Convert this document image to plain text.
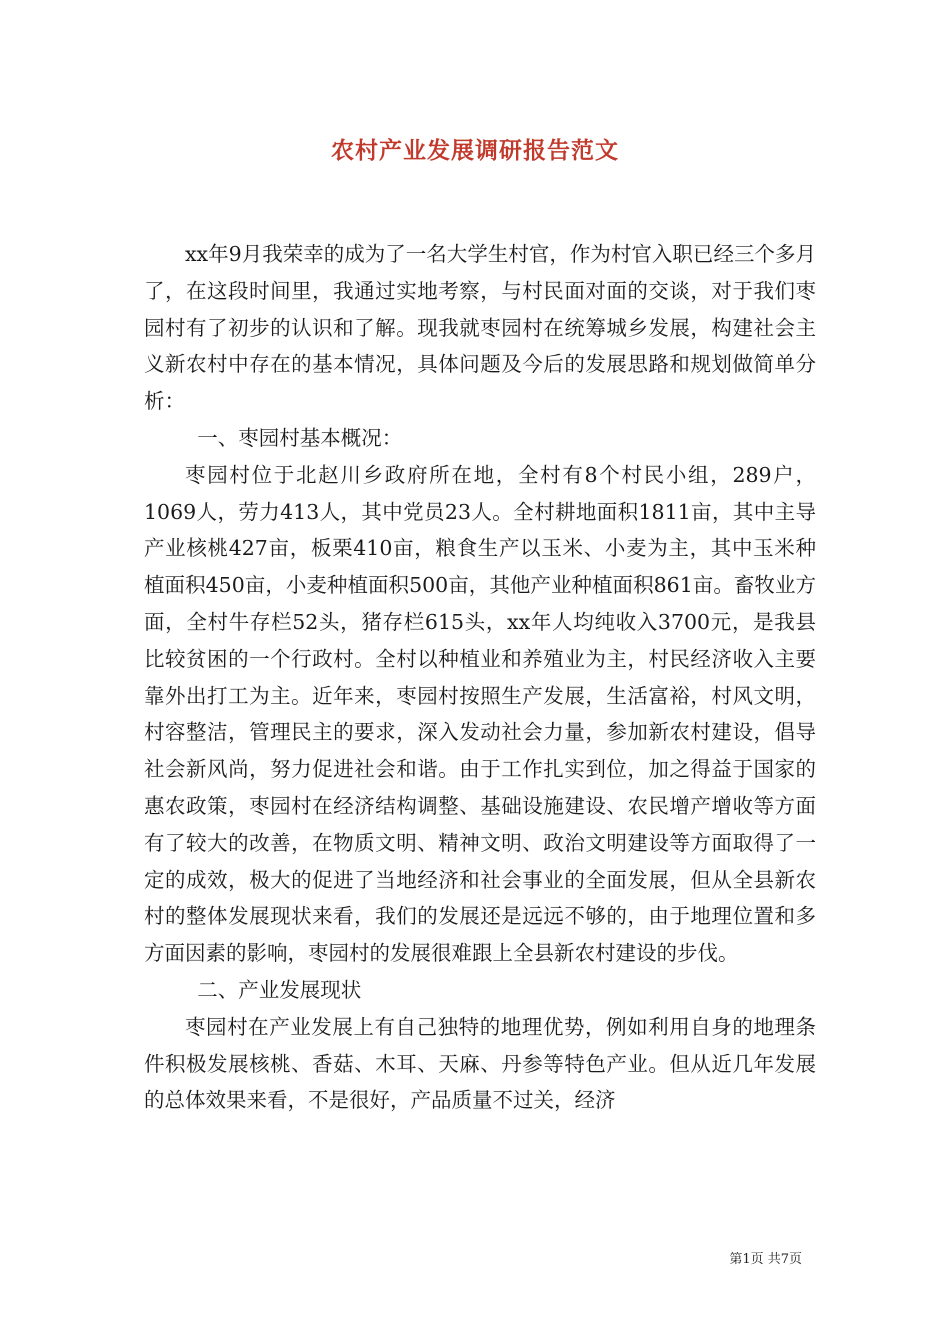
农村产业发展调研报告范文

xx年9月我荣幸的成为了一名大学生村官，作为村官入职已经三个多月了，在这段时间里，我通过实地考察，与村民面对面的交谈，对于我们枣园村有了初步的认识和了解。现我就枣园村在统筹城乡发展，构建社会主义新农村中存在的基本情况，具体问题及今后的发展思路和规划做简单分析：

一、枣园村基本概况：

枣园村位于北赵川乡政府所在地，全村有8个村民小组，289户，1069人，劳力413人，其中党员23人。全村耕地面积1811亩，其中主导产业核桃427亩，板栗410亩，粮食生产以玉米、小麦为主，其中玉米种植面积450亩，小麦种植面积500亩，其他产业种植面积861亩。畜牧业方面，全村牛存栏52头，猪存栏615头，xx年人均纯收入3700元，是我县比较贫困的一个行政村。全村以种植业和养殖业为主，村民经济收入主要靠外出打工为主。近年来，枣园村按照生产发展，生活富裕，村风文明，村容整洁，管理民主的要求，深入发动社会力量，参加新农村建设，倡导社会新风尚，努力促进社会和谐。由于工作扎实到位，加之得益于国家的惠农政策，枣园村在经济结构调整、基础设施建设、农民增产增收等方面有了较大的改善，在物质文明、精神文明、政治文明建设等方面取得了一定的成效，极大的促进了当地经济和社会事业的全面发展，但从全县新农村的整体发展现状来看，我们的发展还是远远不够的，由于地理位置和多方面因素的影响，枣园村的发展很难跟上全县新农村建设的步伐。

二、产业发展现状

枣园村在产业发展上有自己独特的地理优势，例如利用自身的地理条件积极发展核桃、香菇、木耳、天麻、丹参等特色产业。但从近几年发展的总体效果来看，不是很好，产品质量不过关，经济

第1页 共7页
